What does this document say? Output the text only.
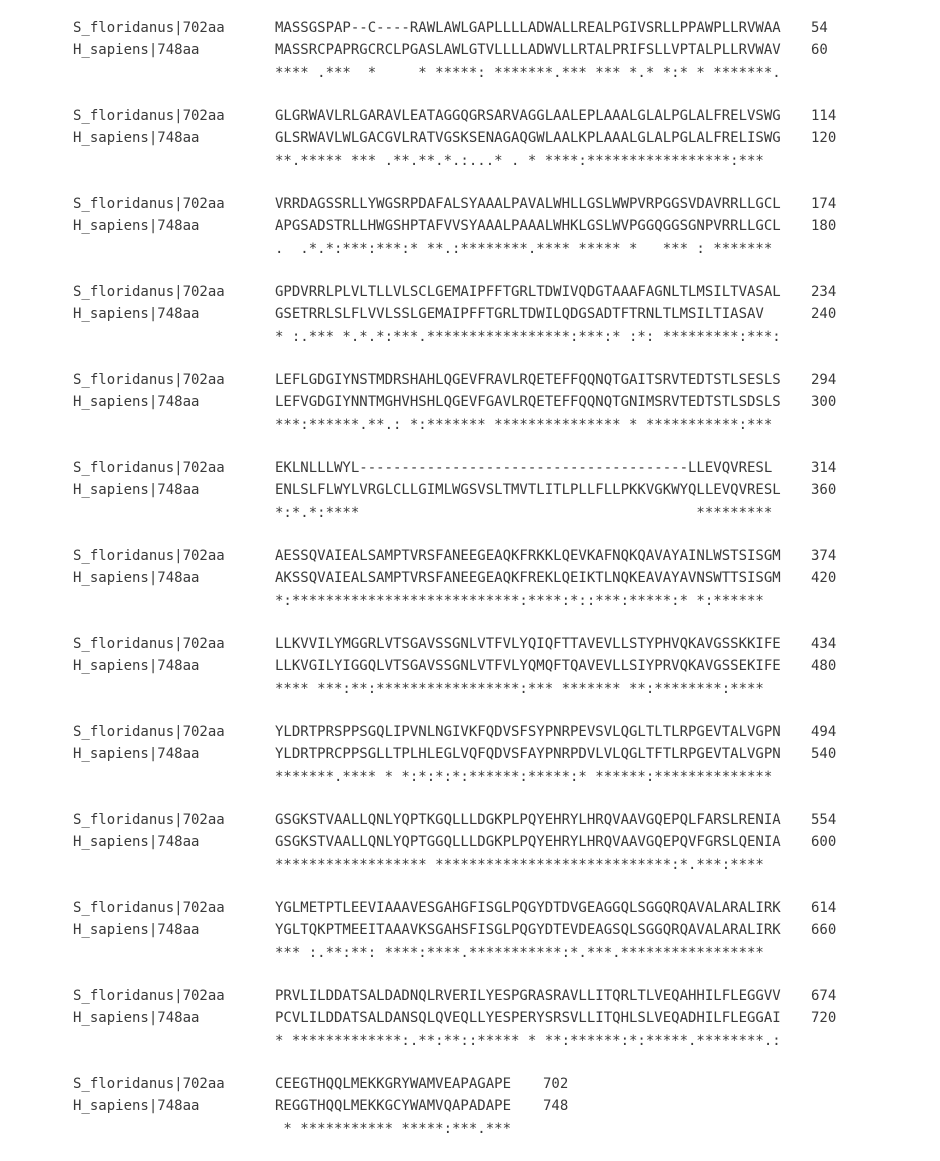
S_floridanus|702aa	MASSGSPAP--C----RAWLAWLGAPLLLLADWALLREALPGIVSRLLPPAWPLLRVWAA 54
H_sapiens|748aa	MASSRCPAPRGCRCLPGASLAWLGTVLLLLADWVLLRTALPRIFSLLVPTALPLLRVWAV 60
**** .***  *     * *****: *******.*** *** *.* *:* * *******.
S_floridanus|702aa	GLGRWAVLRLGARAVLEATAGGQGRSARVAGGLAALEPLAAALGLALPGLALFRELVSWG 114
H_sapiens|748aa	GLSRWAVLWLGACGVLRATVGSKSENAGAQGWLAALKPLAAALGLALPGLALFRELISWG 120
**.***** *** .**.**.*.:...* . * ****:*****************:***
S_floridanus|702aa	VRRDAGSSRLLYWGSRPDAFALSYAAALPAVALWHLLGSLWWPVRPGGSVDAVRRLLGCL 174
H_sapiens|748aa	APGSADSTRLLHWGSHPTAFVVSYAAALPAAALWHKLGSLWVPGGQGGSGNPVRRLLGCL 180
.  .*.*:***:***:* **.:********.**** ***** *   *** : *******
S_floridanus|702aa	GPDVRRLPLVLTLLVLSCLGEMAIPFFTGRLTDWIVQDGTAAAFAGNLTLMSILTVASAL 234
H_sapiens|748aa	GSETRRLSLFLVVLSSLGEMAIPFFTGRLTDWILQDGSADTFTRNLTLMSILTIASAV	240
* :.*** *.*.*:***.*****************:***:* :*: *********:***:
S_floridanus|702aa	LEFLGDGIYNSTMDRSHAHLQGEVFRAVLRQETEFFQQNQTGAITSRVTEDTSTLSESLS 294
H_sapiens|748aa	LEFVGDGIYNNTMGHVHSHLQGEVFGAVLRQETEFFQQNQTGNIMSRVTEDTSTLSDSLS 300
***:******.**.: *:******* *************** * ***********:***
S_floridanus|702aa	EKLNLLLWYL---------------------------------------LLEVQVRESL	314
H_sapiens|748aa	ENLSLFLWYLVRGLCLLGIMLWGSVSLTMVTLITLPLLFLLPKKVGKWYQLLEVQVRESL 360
*:*.*:****                                        *********
S_floridanus|702aa	AESSQVAIEALSAMPTVRSFANEEGEAQKFRKKLQEVKAFNQKQAVAYAINLWSTSISGM 374
H_sapiens|748aa	AKSSQVAIEALSAMPTVRSFANEEGEAQKFREKLQEIKTLNQKEAVAYAVNSWTTSISGM 420
*:***************************:****:*::***:*****:* *:******
S_floridanus|702aa	LLKVVILYMGGRLVTSGAVSSGNLVTFVLYQIQFTTAVEVLLSTYPHVQKAVGSSKKIFE 434
H_sapiens|748aa	LLKVGILYIGGQLVTSGAVSSGNLVTFVLYQMQFTQAVEVLLSIYPRVQKAVGSSEKIFE 480
**** ***:**:*****************:*** ******* **:********:****
S_floridanus|702aa	YLDRTPRSPPSGQLIPVNLNGIVKFQDVSFSYPNRPEVSVLQGLTLTLRPGEVTALVGPN 494
H_sapiens|748aa	YLDRTPRCPPSGLLTPLHLEGLVQFQDVSFAYPNRPDVLVLQGLTFTLRPGEVTALVGPN 540
*******.**** * *:*:*:*:******:*****:* ******:**************
S_floridanus|702aa	GSGKSTVAALLQNLYQPTKGQLLLDGKPLPQYEHRYLHRQVAAVGQEPQLFARSLRENIA 554
H_sapiens|748aa	GSGKSTVAALLQNLYQPTGGQLLLDGKPLPQYEHRYLHRQVAAVGQEPQVFGRSLQENIA 600
****************** ****************************:*.***:****
S_floridanus|702aa	YGLMETPTLEEVIAAAVESGAHGFISGLPQGYDTDVGEAGGQLSGGQRQAVALARALIRK 614
H_sapiens|748aa	YGLTQKPTMEEITAAAVKSGAHSFISGLPQGYDTEVDEAGSQLSGGQRQAVALARALIRK 660
*** :.**:**: ****:****.***********:*.***.*****************
S_floridanus|702aa	PRVLILDDATSALDADNQLRVERILYESPGRASRAVLLITQRLTLVEQAHHILFLEGGVV 674
H_sapiens|748aa	PCVLILDDATSALDANSQLQVEQLLYESPERYSRSVLLITQHLSLVEQADHILFLEGGAI 720
* *************:.**:**::***** * **:******:*:*****.********.:
S_floridanus|702aa	CEEGTHQQLMEKKGRYWAMVEAPAGAPE 702
H_sapiens|748aa	REGGTHQQLMEKKGCYWAMVQAPADAPE 748
* *********** *****:***.***
